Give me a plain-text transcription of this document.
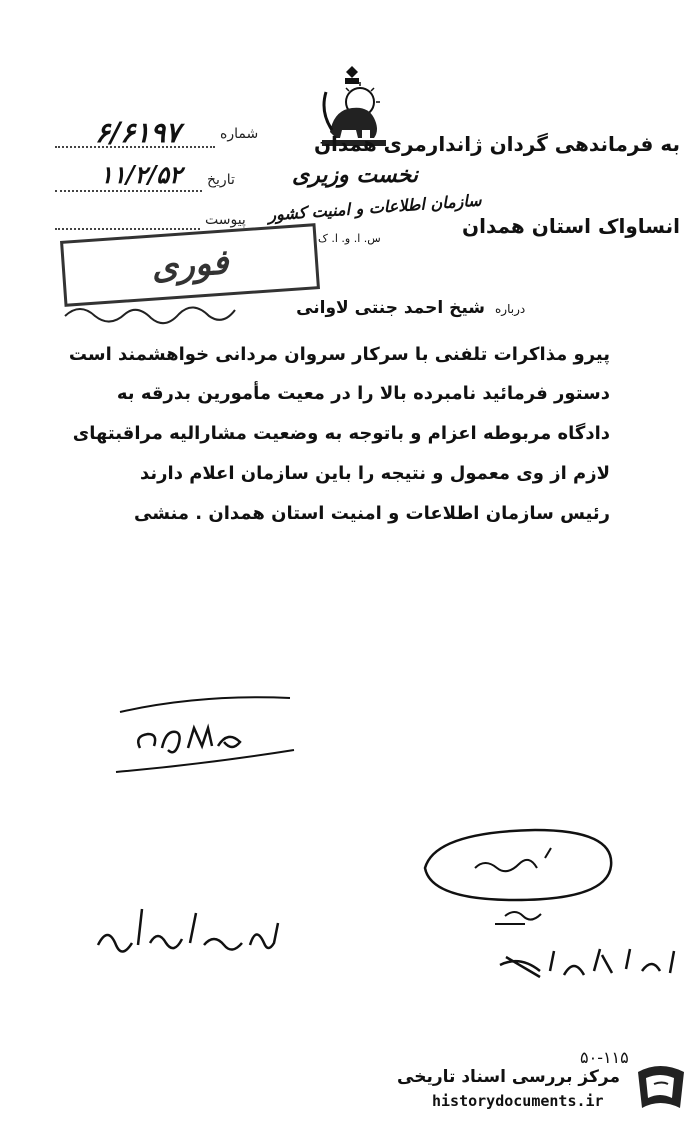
به فرماندهی گردان ژاندارمری همدان
نخست وزیری
سازمان اطلاعات و امنیت کشور
س. ا. و. ا. ک
انساواک استان همدان
شماره
۶/۶۱۹۷
تاریخ
۱۱/۲/۵۲
پیوست
فوری
درباره
شیخ احمد جنتی لاوانی
پیرو مذاکرات تلفنی با سرکار سروان مردانی خواهشمند است
دستور فرمائید نامبرده بالا را در معیت مأمورین بدرقه به
دادگاه مربوطه اعزام و باتوجه به وضعیت مشارالیه مراقبتهای
لازم از وی معمول و نتیجه را باین سازمان اعلام دارند
رئیس سازمان اطلاعات و امنیت استان همدان . منشی
۵۰-۱۱۵
مرکز بررسی اسناد تاریخی
historydocuments.ir
